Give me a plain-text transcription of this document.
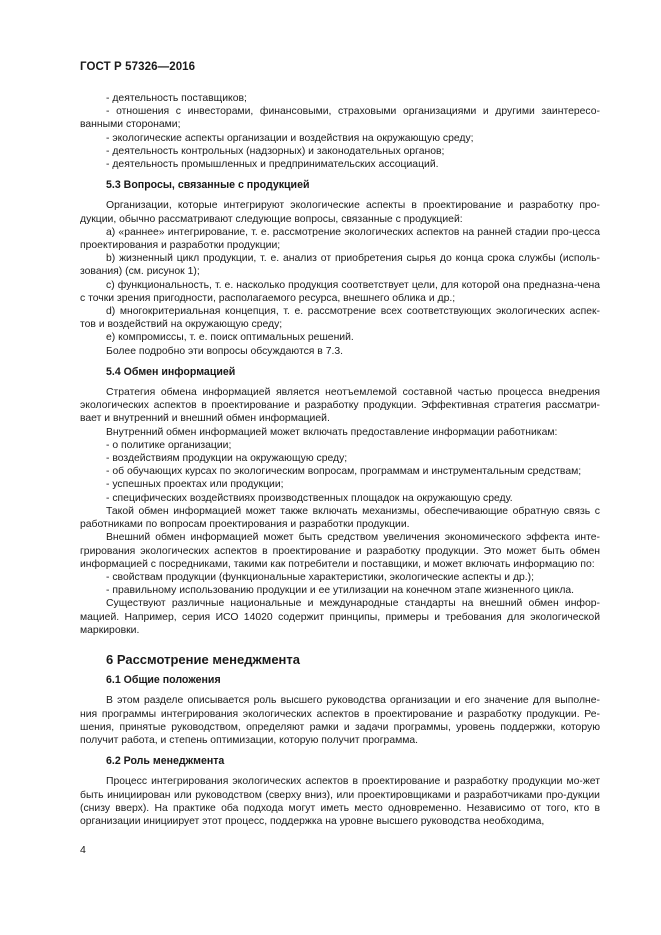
ГОСТ Р 57326—2016

- деятельность поставщиков;

- отношения с инвесторами, финансовыми, страховыми организациями и другими заинтересо-ванными сторонами;

- экологические аспекты организации и воздействия на окружающую среду;

- деятельность контрольных (надзорных) и законодательных органов;

- деятельность промышленных и предпринимательских ассоциаций.

5.3 Вопросы, связанные с продукцией

Организации, которые интегрируют экологические аспекты в проектирование и разработку про-дукции, обычно рассматривают следующие вопросы, связанные с продукцией:

a) «раннее» интегрирование, т. е. рассмотрение экологических аспектов на ранней стадии про-цесса проектирования и разработки продукции;

b) жизненный цикл продукции, т. е. анализ от приобретения сырья до конца срока службы (исполь-зования) (см. рисунок 1);

c) функциональность, т. е. насколько продукция соответствует цели, для которой она предназна-чена с точки зрения пригодности, располагаемого ресурса, внешнего облика и др.;

d) многокритериальная концепция, т. е. рассмотрение всех соответствующих экологических аспек-тов и воздействий на окружающую среду;

e) компромиссы, т. е. поиск оптимальных решений.

Более подробно эти вопросы обсуждаются в 7.3.

5.4 Обмен информацией

Стратегия обмена информацией является неотъемлемой составной частью процесса внедрения экологических аспектов в проектирование и разработку продукции. Эффективная стратегия рассматри-вает и внутренний и внешний обмен информацией.

Внутренний обмен информацией может включать предоставление информации работникам:

- о политике организации;

- воздействиям продукции на окружающую среду;

- об обучающих курсах по экологическим вопросам, программам и инструментальным средствам;

- успешных проектах или продукции;

- специфических воздействиях производственных площадок на окружающую среду.

Такой обмен информацией может также включать механизмы, обеспечивающие обратную связь с работниками по вопросам проектирования и разработки продукции.

Внешний обмен информацией может быть средством увеличения экономического эффекта инте-грирования экологических аспектов в проектирование и разработку продукции. Это может быть обмен информацией с посредниками, такими как потребители и поставщики, и может включать информацию по:

- свойствам продукции (функциональные характеристики, экологические аспекты и др.);

- правильному использованию продукции и ее утилизации на конечном этапе жизненного цикла.

Существуют различные национальные и международные стандарты на внешний обмен инфор-мацией. Например, серия ИСО 14020 содержит принципы, примеры и требования для экологической маркировки.

6 Рассмотрение менеджмента

6.1 Общие положения

В этом разделе описывается роль высшего руководства организации и его значение для выполне-ния программы интегрирования экологических аспектов в проектирование и разработку продукции. Ре-шения, принятые руководством, определяют рамки и задачи программы, уровень поддержки, которую получит работа, и степень оптимизации, которую получит программа.

6.2 Роль менеджмента

Процесс интегрирования экологических аспектов в проектирование и разработку продукции мо-жет быть инициирован или руководством (сверху вниз), или проектировщиками и разработчиками про-дукции (снизу вверх). На практике оба подхода могут иметь место одновременно. Независимо от того, кто в организации инициирует этот процесс, поддержка на уровне высшего руководства необходима,

4
